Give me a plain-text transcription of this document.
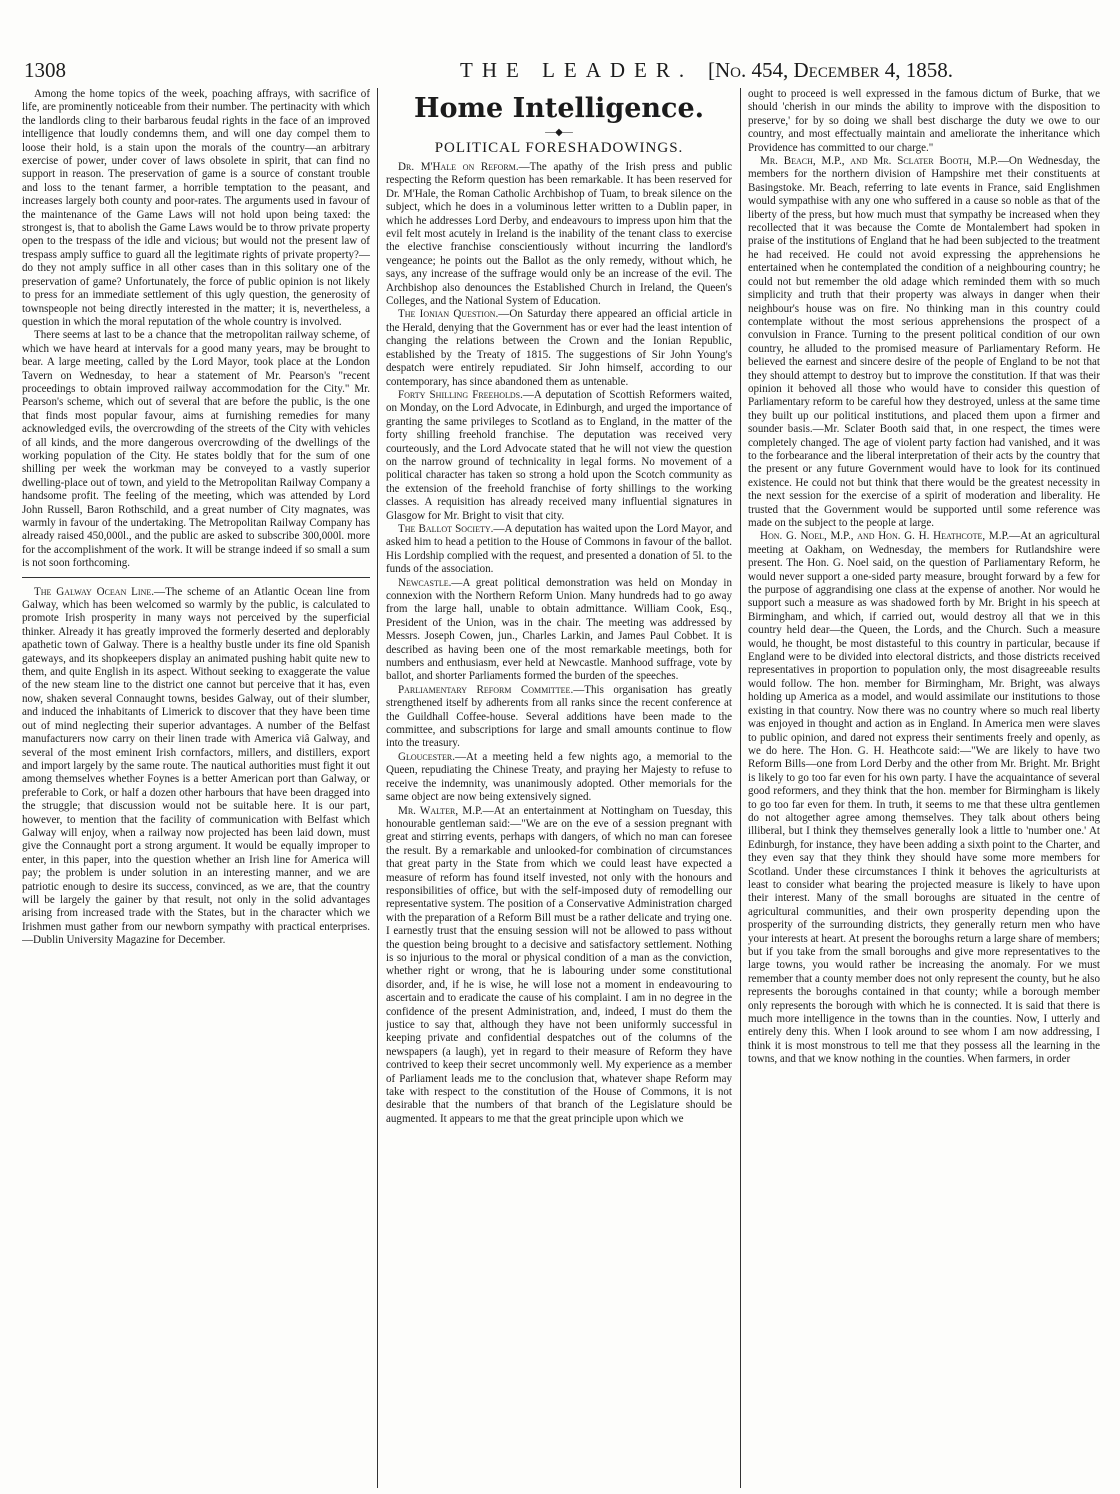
1308	THE LEADER. [No. 454, December 4, 1858.

Among the home topics of the week, poaching affrays, with sacrifice of life, are prominently noticeable from their number. The pertinacity with which the landlords cling to their barbarous feudal rights in the face of an improved intelligence that loudly condemns them, and will one day compel them to loose their hold, is a stain upon the morals of the country—an arbitrary exercise of power, under cover of laws obsolete in spirit, that can find no support in reason. The preservation of game is a source of constant trouble and loss to the tenant farmer, a horrible temptation to the peasant, and increases largely both county and poor-rates. The arguments used in favour of the maintenance of the Game Laws will not hold upon being taxed: the strongest is, that to abolish the Game Laws would be to throw private property open to the trespass of the idle and vicious; but would not the present law of trespass amply suffice to guard all the legitimate rights of private property?—do they not amply suffice in all other cases than in this solitary one of the preservation of game? Unfortunately, the force of public opinion is not likely to press for an immediate settlement of this ugly question, the generosity of townspeople not being directly interested in the matter; it is, nevertheless, a question in which the moral reputation of the whole country is involved.

There seems at last to be a chance that the metropolitan railway scheme, of which we have heard at intervals for a good many years, may be brought to bear. A large meeting, called by the Lord Mayor, took place at the London Tavern on Wednesday, to hear a statement of Mr. Pearson's "recent proceedings to obtain improved railway accommodation for the City." Mr. Pearson's scheme, which out of several that are before the public, is the one that finds most popular favour, aims at furnishing remedies for many acknowledged evils, the overcrowding of the streets of the City with vehicles of all kinds, and the more dangerous overcrowding of the dwellings of the working population of the City. He states boldly that for the sum of one shilling per week the workman may be conveyed to a vastly superior dwelling-place out of town, and yield to the Metropolitan Railway Company a handsome profit. The feeling of the meeting, which was attended by Lord John Russell, Baron Rothschild, and a great number of City magnates, was warmly in favour of the undertaking. The Metropolitan Railway Company has already raised 450,000l., and the public are asked to subscribe 300,000l. more for the accomplishment of the work. It will be strange indeed if so small a sum is not soon forthcoming.

The Galway Ocean Line.—The scheme of an Atlantic Ocean line from Galway, which has been welcomed so warmly by the public, is calculated to promote Irish prosperity in many ways not perceived by the superficial thinker. Already it has greatly improved the formerly deserted and deplorably apathetic town of Galway. There is a healthy bustle under its fine old Spanish gateways, and its shopkeepers display an animated pushing habit quite new to them, and quite English in its aspect. Without seeking to exaggerate the value of the new steam line to the district one cannot but perceive that it has, even now, shaken several Connaught towns, besides Galway, out of their slumber, and induced the inhabitants of Limerick to discover that they have been time out of mind neglecting their superior advantages. A number of the Belfast manufacturers now carry on their linen trade with America viâ Galway, and several of the most eminent Irish cornfactors, millers, and distillers, export and import largely by the same route. The nautical authorities must fight it out among themselves whether Foynes is a better American port than Galway, or preferable to Cork, or half a dozen other harbours that have been dragged into the struggle; that discussion would not be suitable here. It is our part, however, to mention that the facility of communication with Belfast which Galway will enjoy, when a railway now projected has been laid down, must give the Connaught port a strong argument. It would be equally improper to enter, in this paper, into the question whether an Irish line for America will pay; the problem is under solution in an interesting manner, and we are patriotic enough to desire its success, convinced, as we are, that the country will be largely the gainer by that result, not only in the solid advantages arising from increased trade with the States, but in the character which we Irishmen must gather from our newborn sympathy with practical enterprises.—Dublin University Magazine for December.

Home Intelligence.
—◆—
POLITICAL FORESHADOWINGS.

Dr. M'Hale on Reform.—The apathy of the Irish press and public respecting the Reform question has been remarkable. It has been reserved for Dr. M'Hale, the Roman Catholic Archbishop of Tuam, to break silence on the subject, which he does in a voluminous letter written to a Dublin paper, in which he addresses Lord Derby, and endeavours to impress upon him that the evil felt most acutely in Ireland is the inability of the tenant class to exercise the elective franchise conscientiously without incurring the landlord's vengeance; he points out the Ballot as the only remedy, without which, he says, any increase of the suffrage would only be an increase of the evil. The Archbishop also denounces the Established Church in Ireland, the Queen's Colleges, and the National System of Education.

The Ionian Question.—On Saturday there appeared an official article in the Herald, denying that the Government has or ever had the least intention of changing the relations between the Crown and the Ionian Republic, established by the Treaty of 1815. The suggestions of Sir John Young's despatch were entirely repudiated. Sir John himself, according to our contemporary, has since abandoned them as untenable.

Forty Shilling Freeholds.—A deputation of Scottish Reformers waited, on Monday, on the Lord Advocate, in Edinburgh, and urged the importance of granting the same privileges to Scotland as to England, in the matter of the forty shilling freehold franchise. The deputation was received very courteously, and the Lord Advocate stated that he will not view the question on the narrow ground of technicality in legal forms. No movement of a political character has taken so strong a hold upon the Scotch community as the extension of the freehold franchise of forty shillings to the working classes. A requisition has already received many influential signatures in Glasgow for Mr. Bright to visit that city.

The Ballot Society.—A deputation has waited upon the Lord Mayor, and asked him to head a petition to the House of Commons in favour of the ballot. His Lordship complied with the request, and presented a donation of 5l. to the funds of the association.

Newcastle.—A great political demonstration was held on Monday in connexion with the Northern Reform Union. Many hundreds had to go away from the large hall, unable to obtain admittance. William Cook, Esq., President of the Union, was in the chair. The meeting was addressed by Messrs. Joseph Cowen, jun., Charles Larkin, and James Paul Cobbet. It is described as having been one of the most remarkable meetings, both for numbers and enthusiasm, ever held at Newcastle. Manhood suffrage, vote by ballot, and shorter Parliaments formed the burden of the speeches.

Parliamentary Reform Committee.—This organisation has greatly strengthened itself by adherents from all ranks since the recent conference at the Guildhall Coffee-house. Several additions have been made to the committee, and subscriptions for large and small amounts continue to flow into the treasury.

Gloucester.—At a meeting held a few nights ago, a memorial to the Queen, repudiating the Chinese Treaty, and praying her Majesty to refuse to receive the indemnity, was unanimously adopted. Other memorials for the same object are now being extensively signed.

Mr. Walter, M.P.—At an entertainment at Nottingham on Tuesday, this honourable gentleman said:—"We are on the eve of a session pregnant with great and stirring events, perhaps with dangers, of which no man can foresee the result. By a remarkable and unlooked-for combination of circumstances that great party in the State from which we could least have expected a measure of reform has found itself invested, not only with the honours and responsibilities of office, but with the self-imposed duty of remodelling our representative system. The position of a Conservative Administration charged with the preparation of a Reform Bill must be a rather delicate and trying one. I earnestly trust that the ensuing session will not be allowed to pass without the question being brought to a decisive and satisfactory settlement. Nothing is so injurious to the moral or physical condition of a man as the conviction, whether right or wrong, that he is labouring under some constitutional disorder, and, if he is wise, he will lose not a moment in endeavouring to ascertain and to eradicate the cause of his complaint. I am in no degree in the confidence of the present Administration, and, indeed, I must do them the justice to say that, although they have not been uniformly successful in keeping private and confidential despatches out of the columns of the newspapers (a laugh), yet in regard to their measure of Reform they have contrived to keep their secret uncommonly well. My experience as a member of Parliament leads me to the conclusion that, whatever shape Reform may take with respect to the constitution of the House of Commons, it is not desirable that the numbers of that branch of the Legislature should be augmented. It appears to me that the great principle upon which we

ought to proceed is well expressed in the famous dictum of Burke, that we should 'cherish in our minds the ability to improve with the disposition to preserve,' for by so doing we shall best discharge the duty we owe to our country, and most effectually maintain and ameliorate the inheritance which Providence has committed to our charge."

Mr. Beach, M.P., and Mr. Sclater Booth, M.P.—On Wednesday, the members for the northern division of Hampshire met their constituents at Basingstoke. Mr. Beach, referring to late events in France, said Englishmen would sympathise with any one who suffered in a cause so noble as that of the liberty of the press, but how much must that sympathy be increased when they recollected that it was because the Comte de Montalembert had spoken in praise of the institutions of England that he had been subjected to the treatment he had received. He could not avoid expressing the apprehensions he entertained when he contemplated the condition of a neighbouring country; he could not but remember the old adage which reminded them with so much simplicity and truth that their property was always in danger when their neighbour's house was on fire. No thinking man in this country could contemplate without the most serious apprehensions the prospect of a convulsion in France. Turning to the present political condition of our own country, he alluded to the promised measure of Parliamentary Reform. He believed the earnest and sincere desire of the people of England to be not that they should attempt to destroy but to improve the constitution. If that was their opinion it behoved all those who would have to consider this question of Parliamentary reform to be careful how they destroyed, unless at the same time they built up our political institutions, and placed them upon a firmer and sounder basis.—Mr. Sclater Booth said that, in one respect, the times were completely changed. The age of violent party faction had vanished, and it was to the forbearance and the liberal interpretation of their acts by the country that the present or any future Government would have to look for its continued existence. He could not but think that there would be the greatest necessity in the next session for the exercise of a spirit of moderation and liberality. He trusted that the Government would be supported until some reference was made on the subject to the people at large.

Hon. G. Noel, M.P., and Hon. G. H. Heathcote, M.P.—At an agricultural meeting at Oakham, on Wednesday, the members for Rutlandshire were present. The Hon. G. Noel said, on the question of Parliamentary Reform, he would never support a one-sided party measure, brought forward by a few for the purpose of aggrandising one class at the expense of another. Nor would he support such a measure as was shadowed forth by Mr. Bright in his speech at Birmingham, and which, if carried out, would destroy all that we in this country held dear—the Queen, the Lords, and the Church. Such a measure would, he thought, be most distasteful to this country in particular, because if England were to be divided into electoral districts, and those districts received representatives in proportion to population only, the most disagreeable results would follow. The hon. member for Birmingham, Mr. Bright, was always holding up America as a model, and would assimilate our institutions to those existing in that country. Now there was no country where so much real liberty was enjoyed in thought and action as in England. In America men were slaves to public opinion, and dared not express their sentiments freely and openly, as we do here. The Hon. G. H. Heathcote said:—"We are likely to have two Reform Bills—one from Lord Derby and the other from Mr. Bright. Mr. Bright is likely to go too far even for his own party. I have the acquaintance of several good reformers, and they think that the hon. member for Birmingham is likely to go too far even for them. In truth, it seems to me that these ultra gentlemen do not altogether agree among themselves. They talk about others being illiberal, but I think they themselves generally look a little to 'number one.' At Edinburgh, for instance, they have been adding a sixth point to the Charter, and they even say that they think they should have some more members for Scotland. Under these circumstances I think it behoves the agriculturists at least to consider what bearing the projected measure is likely to have upon their interest. Many of the small boroughs are situated in the centre of agricultural communities, and their own prosperity depending upon the prosperity of the surrounding districts, they generally return men who have your interests at heart. At present the boroughs return a large share of members; but if you take from the small boroughs and give more representatives to the large towns, you would rather be increasing the anomaly. For we must remember that a county member does not only represent the county, but he also represents the boroughs contained in that county; while a borough member only represents the borough with which he is connected. It is said that there is much more intelligence in the towns than in the counties. Now, I utterly and entirely deny this. When I look around to see whom I am now addressing, I think it is most monstrous to tell me that they possess all the learning in the towns, and that we know nothing in the counties. When farmers, in order
